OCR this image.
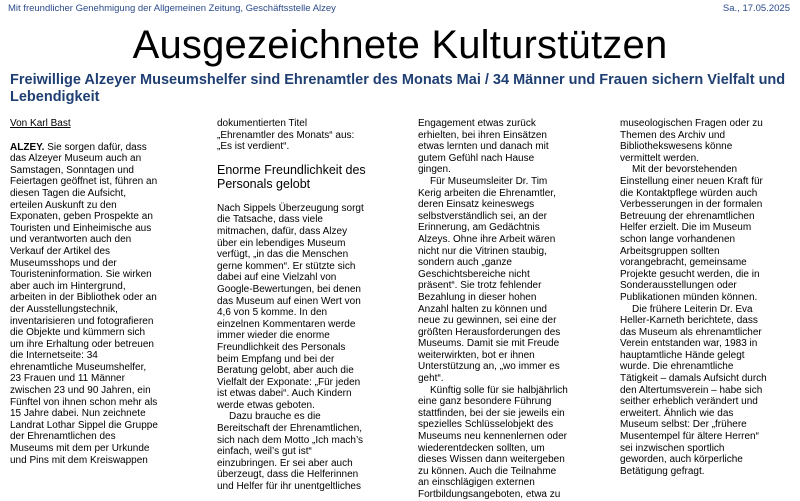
Mit freundlicher Genehmigung der Allgemeinen Zeitung, Geschäftsstelle Alzey	Sa., 17.05.2025
Ausgezeichnete Kulturstützen
Freiwillige Alzeyer Museumshelfer sind Ehrenamtler des Monats Mai / 34 Männer und Frauen sichern Vielfalt und Lebendigkeit

Von Karl Bast

ALZEY. Sie sorgen dafür, dass das Alzeyer Museum auch an Samstagen, Sonntagen und Feiertagen geöffnet ist, führen an diesen Tagen die Aufsicht, erteilen Auskunft zu den Exponaten, geben Prospekte an Touristen und Einheimische aus und verantworten auch den Verkauf der Artikel des Museumsshops und der Touristeninformation. Sie wirken aber auch im Hintergrund, arbeiten in der Bibliothek oder an der Ausstellungstechnik, inventarisieren und fotografieren die Objekte und kümmern sich um ihre Erhaltung oder betreuen die Internetseite: 34 ehrenamtliche Museumshelfer, 23 Frauen und 11 Männer zwischen 23 und 90 Jahren, ein Fünftel von ihnen schon mehr als 15 Jahre dabei. Nun zeichnete Landrat Lothar Sippel die Gruppe der Ehrenamtlichen des Museums mit dem per Urkunde und Pins mit dem Kreiswappen

dokumentierten Titel „Ehrenamtler des Monats“ aus: „Es ist verdient“.

Enorme Freundlichkeit des Personals gelobt

Nach Sippels Überzeugung sorgt die Tatsache, dass viele mitmachen, dafür, dass Alzey über ein lebendiges Museum verfügt, „in das die Menschen gerne kommen“. Er stützte sich dabei auf eine Vielzahl von Google-Bewertungen, bei denen das Museum auf einen Wert von 4,6 von 5 komme. In den einzelnen Kommentaren werde immer wieder die enorme Freundlichkeit des Personals beim Empfang und bei der Beratung gelobt, aber auch die Vielfalt der Exponate: „Für jeden ist etwas dabei“. Auch Kindern werde etwas geboten.

Dazu brauche es die Bereitschaft der Ehrenamtlichen, sich nach dem Motto „Ich mach’s einfach, weil’s gut ist“ einzubringen. Er sei aber auch überzeugt, dass die Helferinnen und Helfer für ihr unentgeltliches

Engagement etwas zurück erhielten, bei ihren Einsätzen etwas lernten und danach mit gutem Gefühl nach Hause gingen.

Für Museumsleiter Dr. Tim Kerig arbeiten die Ehrenamtler, deren Einsatz keineswegs selbstverständlich sei, an der Erinnerung, am Gedächtnis Alzeys. Ohne ihre Arbeit wären nicht nur die Vitrinen staubig, sondern auch „ganze Geschichtsbereiche nicht präsent“. Sie trotz fehlender Bezahlung in dieser hohen Anzahl halten zu können und neue zu gewinnen, sei eine der größten Herausforderungen des Museums. Damit sie mit Freude weiterwirkten, bot er ihnen Unterstützung an, „wo immer es geht“.

Künftig solle für sie halbjährlich eine ganz besondere Führung stattfinden, bei der sie jeweils ein spezielles Schlüsselobjekt des Museums neu kennenlernen oder wiederentdecken sollten, um dieses Wissen dann weitergeben zu können. Auch die Teilnahme an einschlägigen externen Fortbildungsangeboten, etwa zu

museologischen Fragen oder zu Themen des Archiv und Bibliothekswesens könne vermittelt werden.

Mit der bevorstehenden Einstellung einer neuen Kraft für die Kontaktpflege würden auch Verbesserungen in der formalen Betreuung der ehrenamtlichen Helfer erzielt. Die im Museum schon lange vorhandenen Arbeitsgruppen sollten vorangebracht, gemeinsame Projekte gesucht werden, die in Sonderausstellungen oder Publikationen münden können.

Die frühere Leiterin Dr. Eva Heller-Karneth berichtete, dass das Museum als ehrenamtlicher Verein entstanden war, 1983 in hauptamtliche Hände gelegt wurde. Die ehrenamtliche Tätigkeit – damals Aufsicht durch den Altertumsverein – habe sich seither erheblich verändert und erweitert. Ähnlich wie das Museum selbst: Der „frühere Musentempel für ältere Herren“ sei inzwischen sportlich geworden, auch körperliche Betätigung gefragt.
